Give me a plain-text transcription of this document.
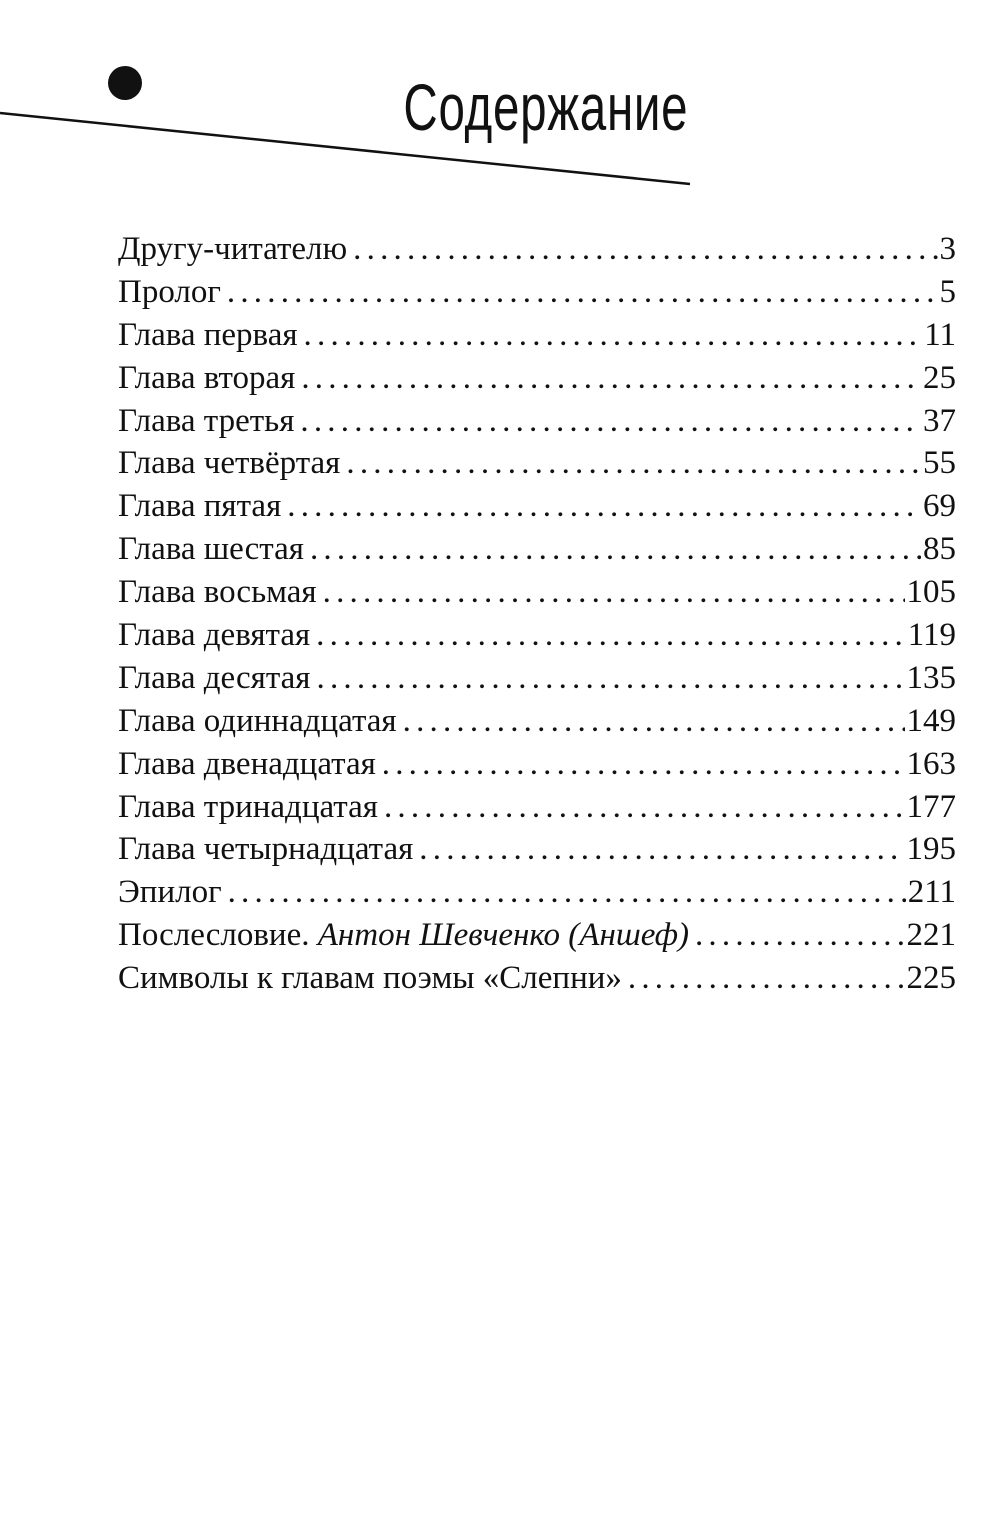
Содержание
Другу-читателю .....	3
Пролог .....	5
Глава первая .....	11
Глава вторая .....	25
Глава третья .....	37
Глава четвёртая .....	55
Глава пятая .....	69
Глава шестая .....	85
Глава восьмая .....	105
Глава девятая .....	119
Глава десятая .....	135
Глава одиннадцатая .....	149
Глава двенадцатая .....	163
Глава тринадцатая .....	177
Глава четырнадцатая .....	195
Эпилог .....	211
Послесловие. Антон Шевченко (Аншеф) .....	221
Символы к главам поэмы «Слепни» .....	225
